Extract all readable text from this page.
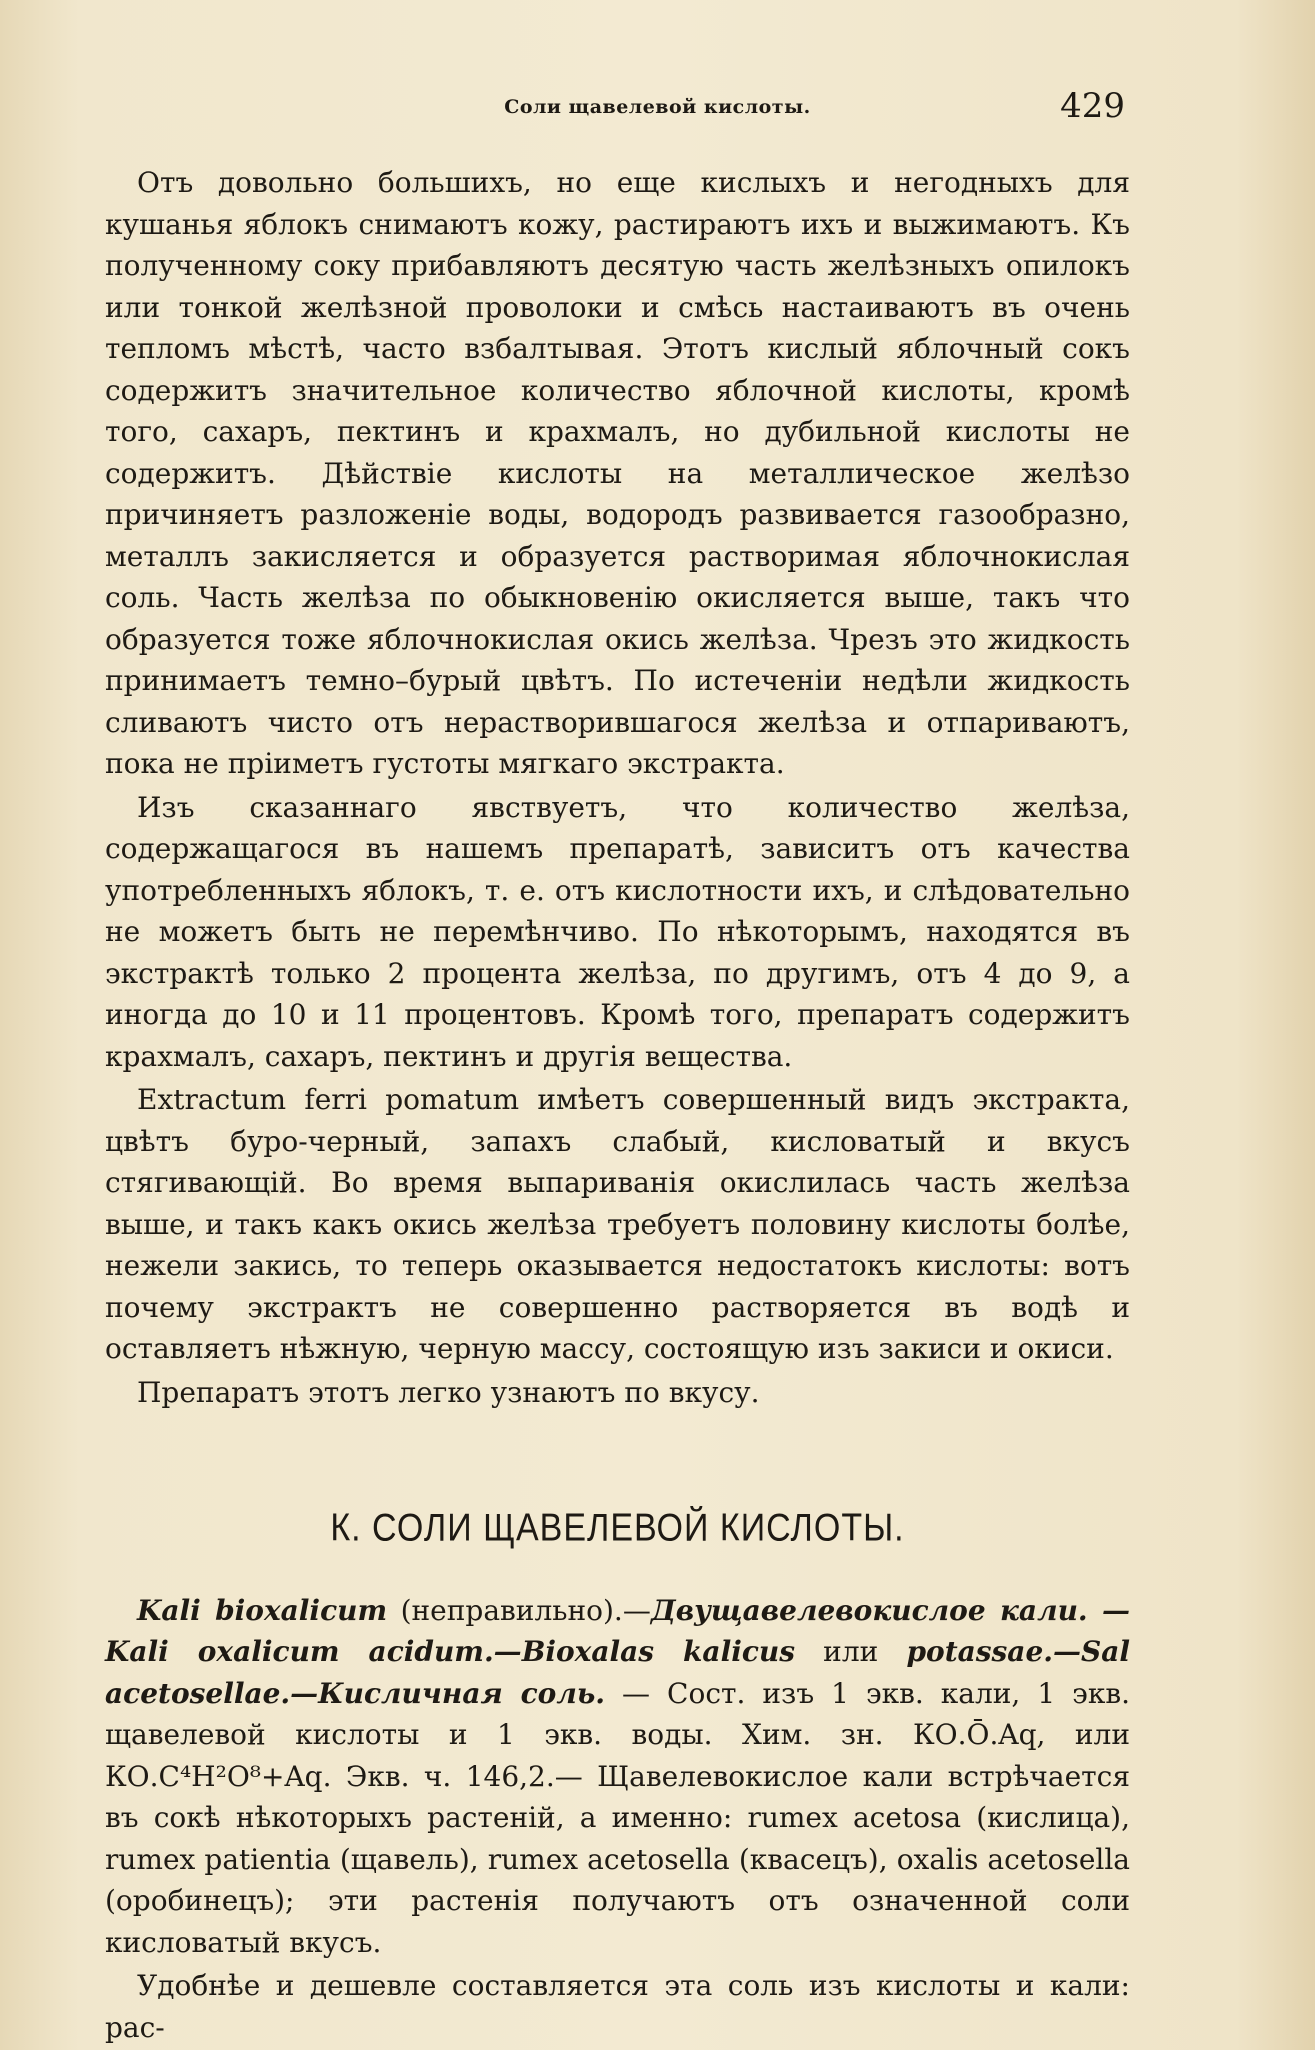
Соли щавелевой кислоты.	429

Отъ довольно большихъ, но еще кислыхъ и негодныхъ для кушанья яблокъ снимаютъ кожу, растираютъ ихъ и выжимаютъ. Къ полученному соку прибавляютъ десятую часть желѣзныхъ опилокъ или тонкой желѣзной проволоки и смѣсь настаиваютъ въ очень тепломъ мѣстѣ, часто взбалтывая. Этотъ кислый яблочный сокъ содержитъ значительное количество яблочной кислоты, кромѣ того, сахаръ, пектинъ и крахмалъ, но дубильной кислоты не содержитъ. Дѣйствіе кислоты на металлическое желѣзо причиняетъ разложеніе воды, водородъ развивается газообразно, металлъ закисляется и образуется растворимая яблочнокислая соль. Часть желѣза по обыкновенію окисляется выше, такъ что образуется тоже яблочнокислая окись желѣза. Чрезъ это жидкость принимаетъ темно–бурый цвѣтъ. По истеченіи недѣли жидкость сливаютъ чисто отъ нерастворившагося желѣза и отпариваютъ, пока не пріиметъ густоты мягкаго экстракта.

Изъ сказаннаго явствуетъ, что количество желѣза, содержащагося въ нашемъ препаратѣ, зависитъ отъ качества употребленныхъ яблокъ, т. е. отъ кислотности ихъ, и слѣдовательно не можетъ быть не перемѣнчиво. По нѣкоторымъ, находятся въ экстрактѣ только 2 процента желѣза, по другимъ, отъ 4 до 9, а иногда до 10 и 11 процентовъ. Кромѣ того, препаратъ содержитъ крахмалъ, сахаръ, пектинъ и другія вещества.

Extractum ferri pomatum имѣетъ совершенный видъ экстракта, цвѣтъ буро-черный, запахъ слабый, кисловатый и вкусъ стягивающій. Во время выпариванія окислилась часть желѣза выше, и такъ какъ окись желѣза требуетъ половину кислоты болѣе, нежели закись, то теперь оказывается недостатокъ кислоты: вотъ почему экстрактъ не совершенно растворяется въ водѣ и оставляетъ нѣжную, черную массу, состоящую изъ закиси и окиси.

Препаратъ этотъ легко узнаютъ по вкусу.

К. СОЛИ ЩАВЕЛЕВОЙ КИСЛОТЫ.

Kali bioxalicum (неправильно).—Двущавелевокислое кали. — Kali oxalicum acidum.—Bioxalas kalicus или potassae.—Sal acetosellae.—Кисличная соль. — Сост. изъ 1 экв. кали, 1 экв. щавелевой кислоты и 1 экв. воды. Хим. зн. КО.Ō.Aq, или КО.C⁴H²O⁸+Aq. Экв. ч. 146,2.— Щавелевокислое кали встрѣчается въ сокѣ нѣкоторыхъ растеній, а именно: rumex acetosa (кислица), rumex patientia (щавель), rumex acetosella (квасецъ), oxalis acetosella (оробинецъ); эти растенія получаютъ отъ означенной соли кисловатый вкусъ.

Удобнѣе и дешевле составляется эта соль изъ кислоты и кали: рас-
